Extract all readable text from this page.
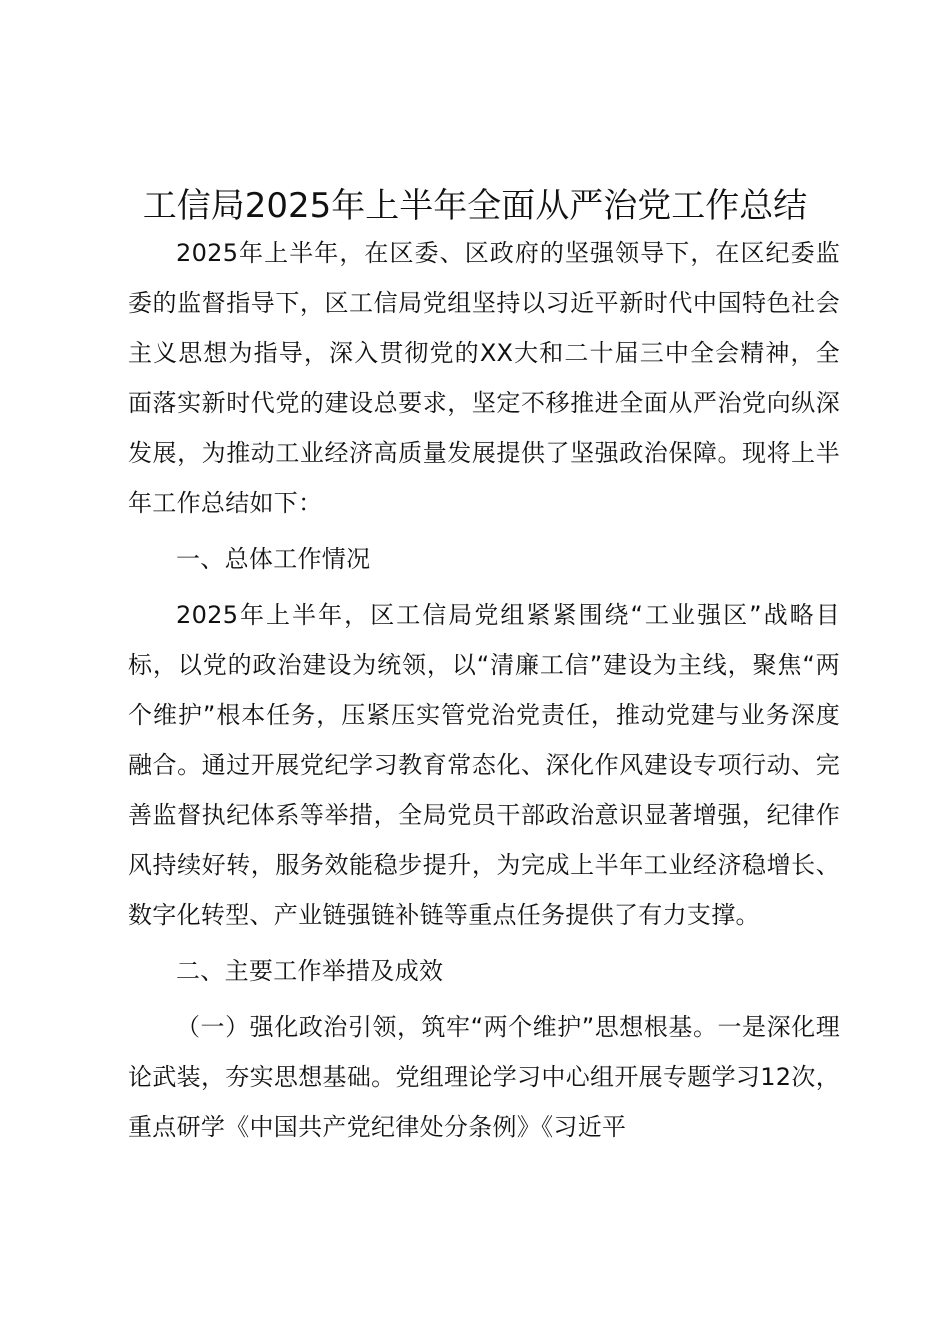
工信局2025年上半年全面从严治党工作总结

2025年上半年，在区委、区政府的坚强领导下，在区纪委监委的监督指导下，区工信局党组坚持以习近平新时代中国特色社会主义思想为指导，深入贯彻党的XX大和二十届三中全会精神，全面落实新时代党的建设总要求，坚定不移推进全面从严治党向纵深发展，为推动工业经济高质量发展提供了坚强政治保障。现将上半年工作总结如下：

一、总体工作情况

2025年上半年，区工信局党组紧紧围绕“工业强区”战略目标，以党的政治建设为统领，以“清廉工信”建设为主线，聚焦“两个维护”根本任务，压紧压实管党治党责任，推动党建与业务深度融合。通过开展党纪学习教育常态化、深化作风建设专项行动、完善监督执纪体系等举措，全局党员干部政治意识显著增强，纪律作风持续好转，服务效能稳步提升，为完成上半年工业经济稳增长、数字化转型、产业链强链补链等重点任务提供了有力支撑。

二、主要工作举措及成效

（一）强化政治引领，筑牢“两个维护”思想根基。一是深化理论武装，夯实思想基础。党组理论学习中心组开展专题学习12次，重点研学《中国共产党纪律处分条例》《习近平
